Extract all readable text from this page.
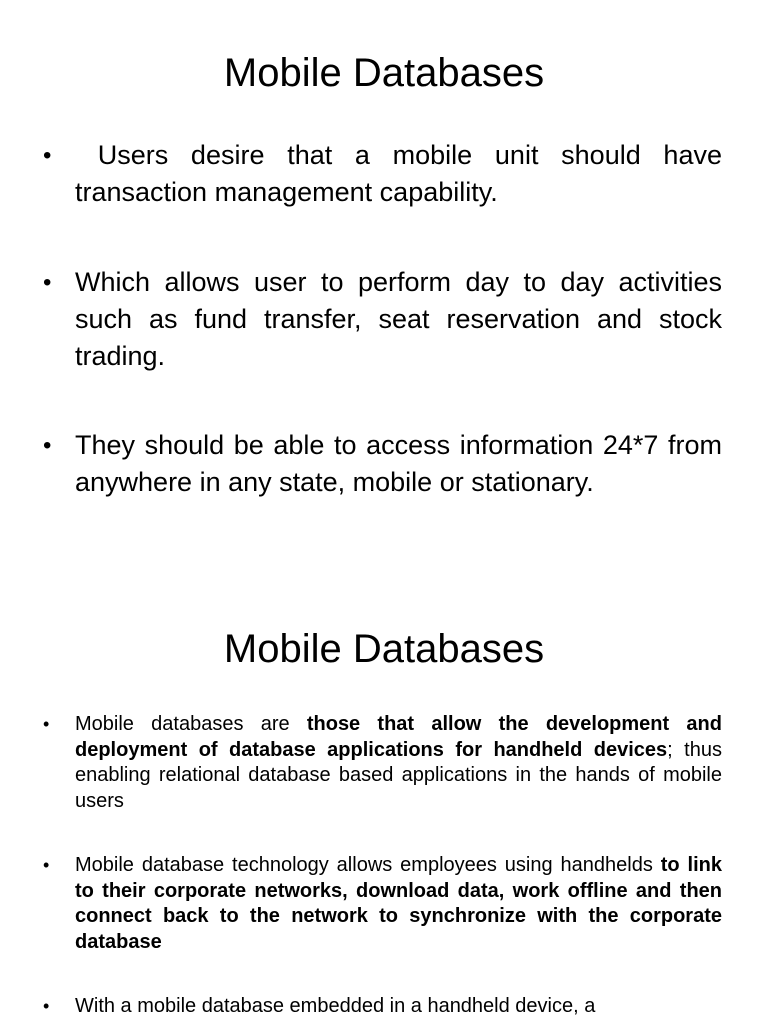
Mobile Databases
• Users desire that a mobile unit should have transaction management capability.
• Which allows user to perform day to day activities such as fund transfer, seat reservation and stock trading.
• They should be able to access information 24*7 from anywhere in any state, mobile or stationary.
Mobile Databases
• Mobile databases are those that allow the development and deployment of database applications for handheld devices; thus enabling relational database based applications in the hands of mobile users
• Mobile database technology allows employees using handhelds to link to their corporate networks, download data, work offline and then connect back to the network to synchronize with the corporate database
• With a mobile database embedded in a handheld device, a
